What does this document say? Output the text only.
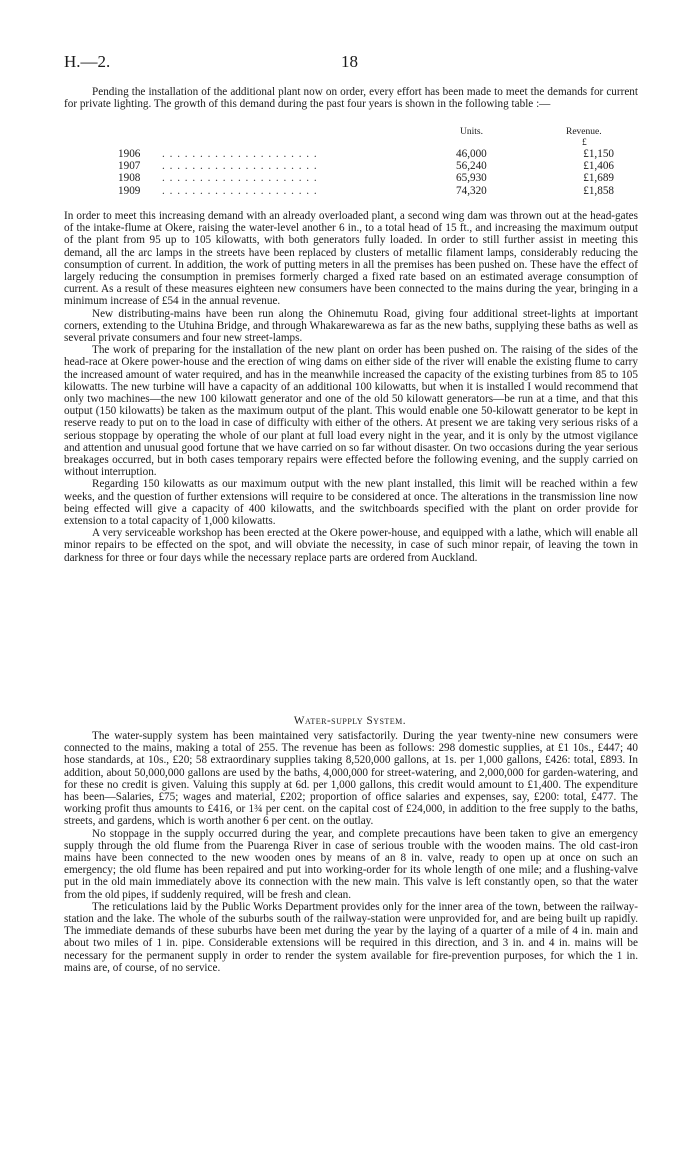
H.—2.	18

Pending the installation of the additional plant now on order, every effort has been made to meet the demands for current for private lighting. The growth of this demand during the past four years is shown in the following table :—

Units.	Revenue.
£
1906 . . . . . . . . . . . . . . . . . . . . .	46,000	£1,150
1907 . . . . . . . . . . . . . . . . . . . . .	56,240	£1,406
1908 . . . . . . . . . . . . . . . . . . . . .	65,930	£1,689
1909 . . . . . . . . . . . . . . . . . . . . .	74,320	£1,858

In order to meet this increasing demand with an already overloaded plant, a second wing dam was thrown out at the head-gates of the intake-flume at Okere, raising the water-level another 6 in., to a total head of 15 ft., and increasing the maximum output of the plant from 95 up to 105 kilowatts, with both generators fully loaded. In order to still further assist in meeting this demand, all the arc lamps in the streets have been replaced by clusters of metallic filament lamps, considerably reducing the consumption of current. In addition, the work of putting meters in all the premises has been pushed on. These have the effect of largely reducing the consumption in premises formerly charged a fixed rate based on an estimated average consumption of current. As a result of these measures eighteen new consumers have been connected to the mains during the year, bringing in a minimum increase of £54 in the annual revenue.

New distributing-mains have been run along the Ohinemutu Road, giving four additional street-lights at important corners, extending to the Utuhina Bridge, and through Whakarewarewa as far as the new baths, supplying these baths as well as several private consumers and four new street-lamps.

The work of preparing for the installation of the new plant on order has been pushed on. The raising of the sides of the head-race at Okere power-house and the erection of wing dams on either side of the river will enable the existing flume to carry the increased amount of water required, and has in the meanwhile increased the capacity of the existing turbines from 85 to 105 kilowatts. The new turbine will have a capacity of an additional 100 kilowatts, but when it is installed I would recommend that only two machines—the new 100 kilowatt generator and one of the old 50 kilowatt generators—be run at a time, and that this output (150 kilowatts) be taken as the maximum output of the plant. This would enable one 50-kilowatt generator to be kept in reserve ready to put on to the load in case of difficulty with either of the others. At present we are taking very serious risks of a serious stoppage by operating the whole of our plant at full load every night in the year, and it is only by the utmost vigilance and attention and unusual good fortune that we have carried on so far without disaster. On two occasions during the year serious breakages occurred, but in both cases temporary repairs were effected before the following evening, and the supply carried on without interruption.

Regarding 150 kilowatts as our maximum output with the new plant installed, this limit will be reached within a few weeks, and the question of further extensions will require to be considered at once. The alterations in the transmission line now being effected will give a capacity of 400 kilowatts, and the switchboards specified with the plant on order provide for extension to a total capacity of 1,000 kilowatts.

A very serviceable workshop has been erected at the Okere power-house, and equipped with a lathe, which will enable all minor repairs to be effected on the spot, and will obviate the necessity, in case of such minor repair, of leaving the town in darkness for three or four days while the necessary replace parts are ordered from Auckland.

Water-supply System.

The water-supply system has been maintained very satisfactorily. During the year twenty-nine new consumers were connected to the mains, making a total of 255. The revenue has been as follows: 298 domestic supplies, at £1 10s., £447; 40 hose standards, at 10s., £20; 58 extraordinary supplies taking 8,520,000 gallons, at 1s. per 1,000 gallons, £426: total, £893. In addition, about 50,000,000 gallons are used by the baths, 4,000,000 for street-watering, and 2,000,000 for garden-watering, and for these no credit is given. Valuing this supply at 6d. per 1,000 gallons, this credit would amount to £1,400. The expenditure has been—Salaries, £75; wages and material, £202; proportion of office salaries and expenses, say, £200: total, £477. The working profit thus amounts to £416, or 1¾ per cent. on the capital cost of £24,000, in addition to the free supply to the baths, streets, and gardens, which is worth another 6 per cent. on the outlay.

No stoppage in the supply occurred during the year, and complete precautions have been taken to give an emergency supply through the old flume from the Puarenga River in case of serious trouble with the wooden mains. The old cast-iron mains have been connected to the new wooden ones by means of an 8 in. valve, ready to open up at once on such an emergency; the old flume has been repaired and put into working-order for its whole length of one mile; and a flushing-valve put in the old main immediately above its connection with the new main. This valve is left constantly open, so that the water from the old pipes, if suddenly required, will be fresh and clean.

The reticulations laid by the Public Works Department provides only for the inner area of the town, between the railway-station and the lake. The whole of the suburbs south of the railway-station were unprovided for, and are being built up rapidly. The immediate demands of these suburbs have been met during the year by the laying of a quarter of a mile of 4 in. main and about two miles of 1 in. pipe. Considerable extensions will be required in this direction, and 3 in. and 4 in. mains will be necessary for the permanent supply in order to render the system available for fire-prevention purposes, for which the 1 in. mains are, of course, of no service.
